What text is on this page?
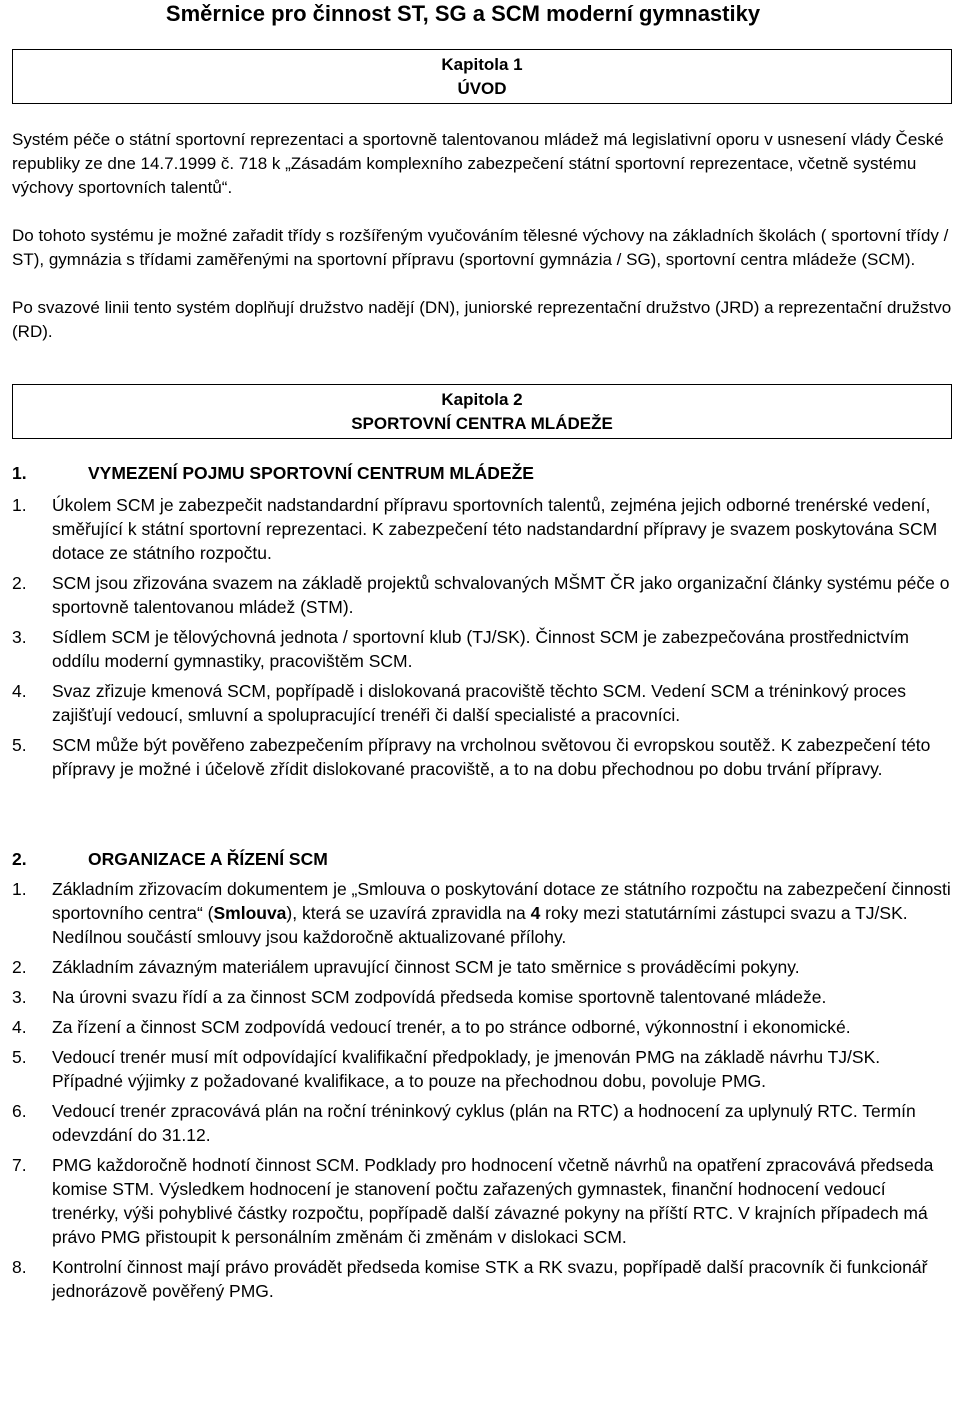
Směrnice pro činnost ST, SG a SCM moderní gymnastiky
Kapitola 1
ÚVOD

Systém péče o státní sportovní reprezentaci a sportovně talentovanou mládež má legislativní oporu v usnesení vlády České republiky ze dne 14.7.1999 č. 718 k „Zásadám komplexního zabezpečení státní sportovní reprezentace, včetně systému výchovy sportovních talentů“.

Do tohoto systému je možné zařadit třídy s rozšířeným vyučováním tělesné výchovy na základních školách ( sportovní třídy / ST), gymnázia s třídami zaměřenými na sportovní přípravu (sportovní gymnázia / SG), sportovní centra mládeže (SCM).

Po svazové linii tento systém doplňují družstvo nadějí (DN), juniorské reprezentační družstvo (JRD) a reprezentační družstvo (RD).

Kapitola 2
SPORTOVNÍ CENTRA MLÁDEŽE
1.	VYMEZENÍ POJMU SPORTOVNÍ CENTRUM MLÁDEŽE
1. Úkolem SCM je zabezpečit nadstandardní přípravu sportovních talentů, zejména jejich odborné trenérské vedení, směřující k státní sportovní reprezentaci. K zabezpečení této nadstandardní přípravy je svazem poskytována SCM dotace ze státního rozpočtu.
2. SCM jsou zřizována svazem na základě projektů schvalovaných MŠMT ČR jako organizační články systému péče o sportovně talentovanou mládež (STM).
3. Sídlem SCM je tělovýchovná jednota / sportovní klub (TJ/SK). Činnost SCM je zabezpečována prostřednictvím oddílu moderní gymnastiky, pracovištěm SCM.
4. Svaz zřizuje kmenová SCM, popřípadě i dislokovaná pracoviště těchto SCM. Vedení SCM a tréninkový proces zajišťují vedoucí, smluvní a spolupracující trenéři či další specialisté a pracovníci.
5. SCM může být pověřeno zabezpečením přípravy na vrcholnou světovou či evropskou soutěž. K zabezpečení této přípravy je možné i účelově zřídit dislokované pracoviště, a to na dobu přechodnou po dobu trvání přípravy.
2.	ORGANIZACE A ŘÍZENÍ SCM
1. Základním zřizovacím dokumentem je „Smlouva o poskytování dotace ze státního rozpočtu na zabezpečení činnosti sportovního centra“ (Smlouva), která se uzavírá zpravidla na 4 roky mezi statutárními zástupci svazu a TJ/SK. Nedílnou součástí smlouvy jsou každoročně aktualizované přílohy.
2. Základním závazným materiálem upravující činnost SCM je tato směrnice s prováděcími pokyny.
3. Na úrovni svazu řídí a za činnost SCM zodpovídá předseda komise sportovně talentované mládeže.
4. Za řízení a činnost SCM zodpovídá vedoucí trenér, a to po stránce odborné, výkonnostní i ekonomické.
5. Vedoucí trenér musí mít odpovídající kvalifikační předpoklady, je jmenován PMG na základě návrhu TJ/SK. Případné výjimky z požadované kvalifikace, a to pouze na přechodnou dobu, povoluje PMG.
6. Vedoucí trenér zpracovává plán na roční tréninkový cyklus (plán na RTC) a hodnocení za uplynulý RTC. Termín odevzdání do 31.12.
7. PMG každoročně hodnotí činnost SCM. Podklady pro hodnocení včetně návrhů na opatření zpracovává předseda komise STM. Výsledkem hodnocení je stanovení počtu zařazených gymnastek, finanční hodnocení vedoucí trenérky, výši pohyblivé částky rozpočtu, popřípadě další závazné pokyny na příští RTC. V krajních případech má právo PMG přistoupit k personálním změnám či změnám v dislokaci SCM.
8. Kontrolní činnost mají právo provádět předseda komise STK a RK svazu, popřípadě další pracovník či funkcionář jednorázově pověřený PMG.
